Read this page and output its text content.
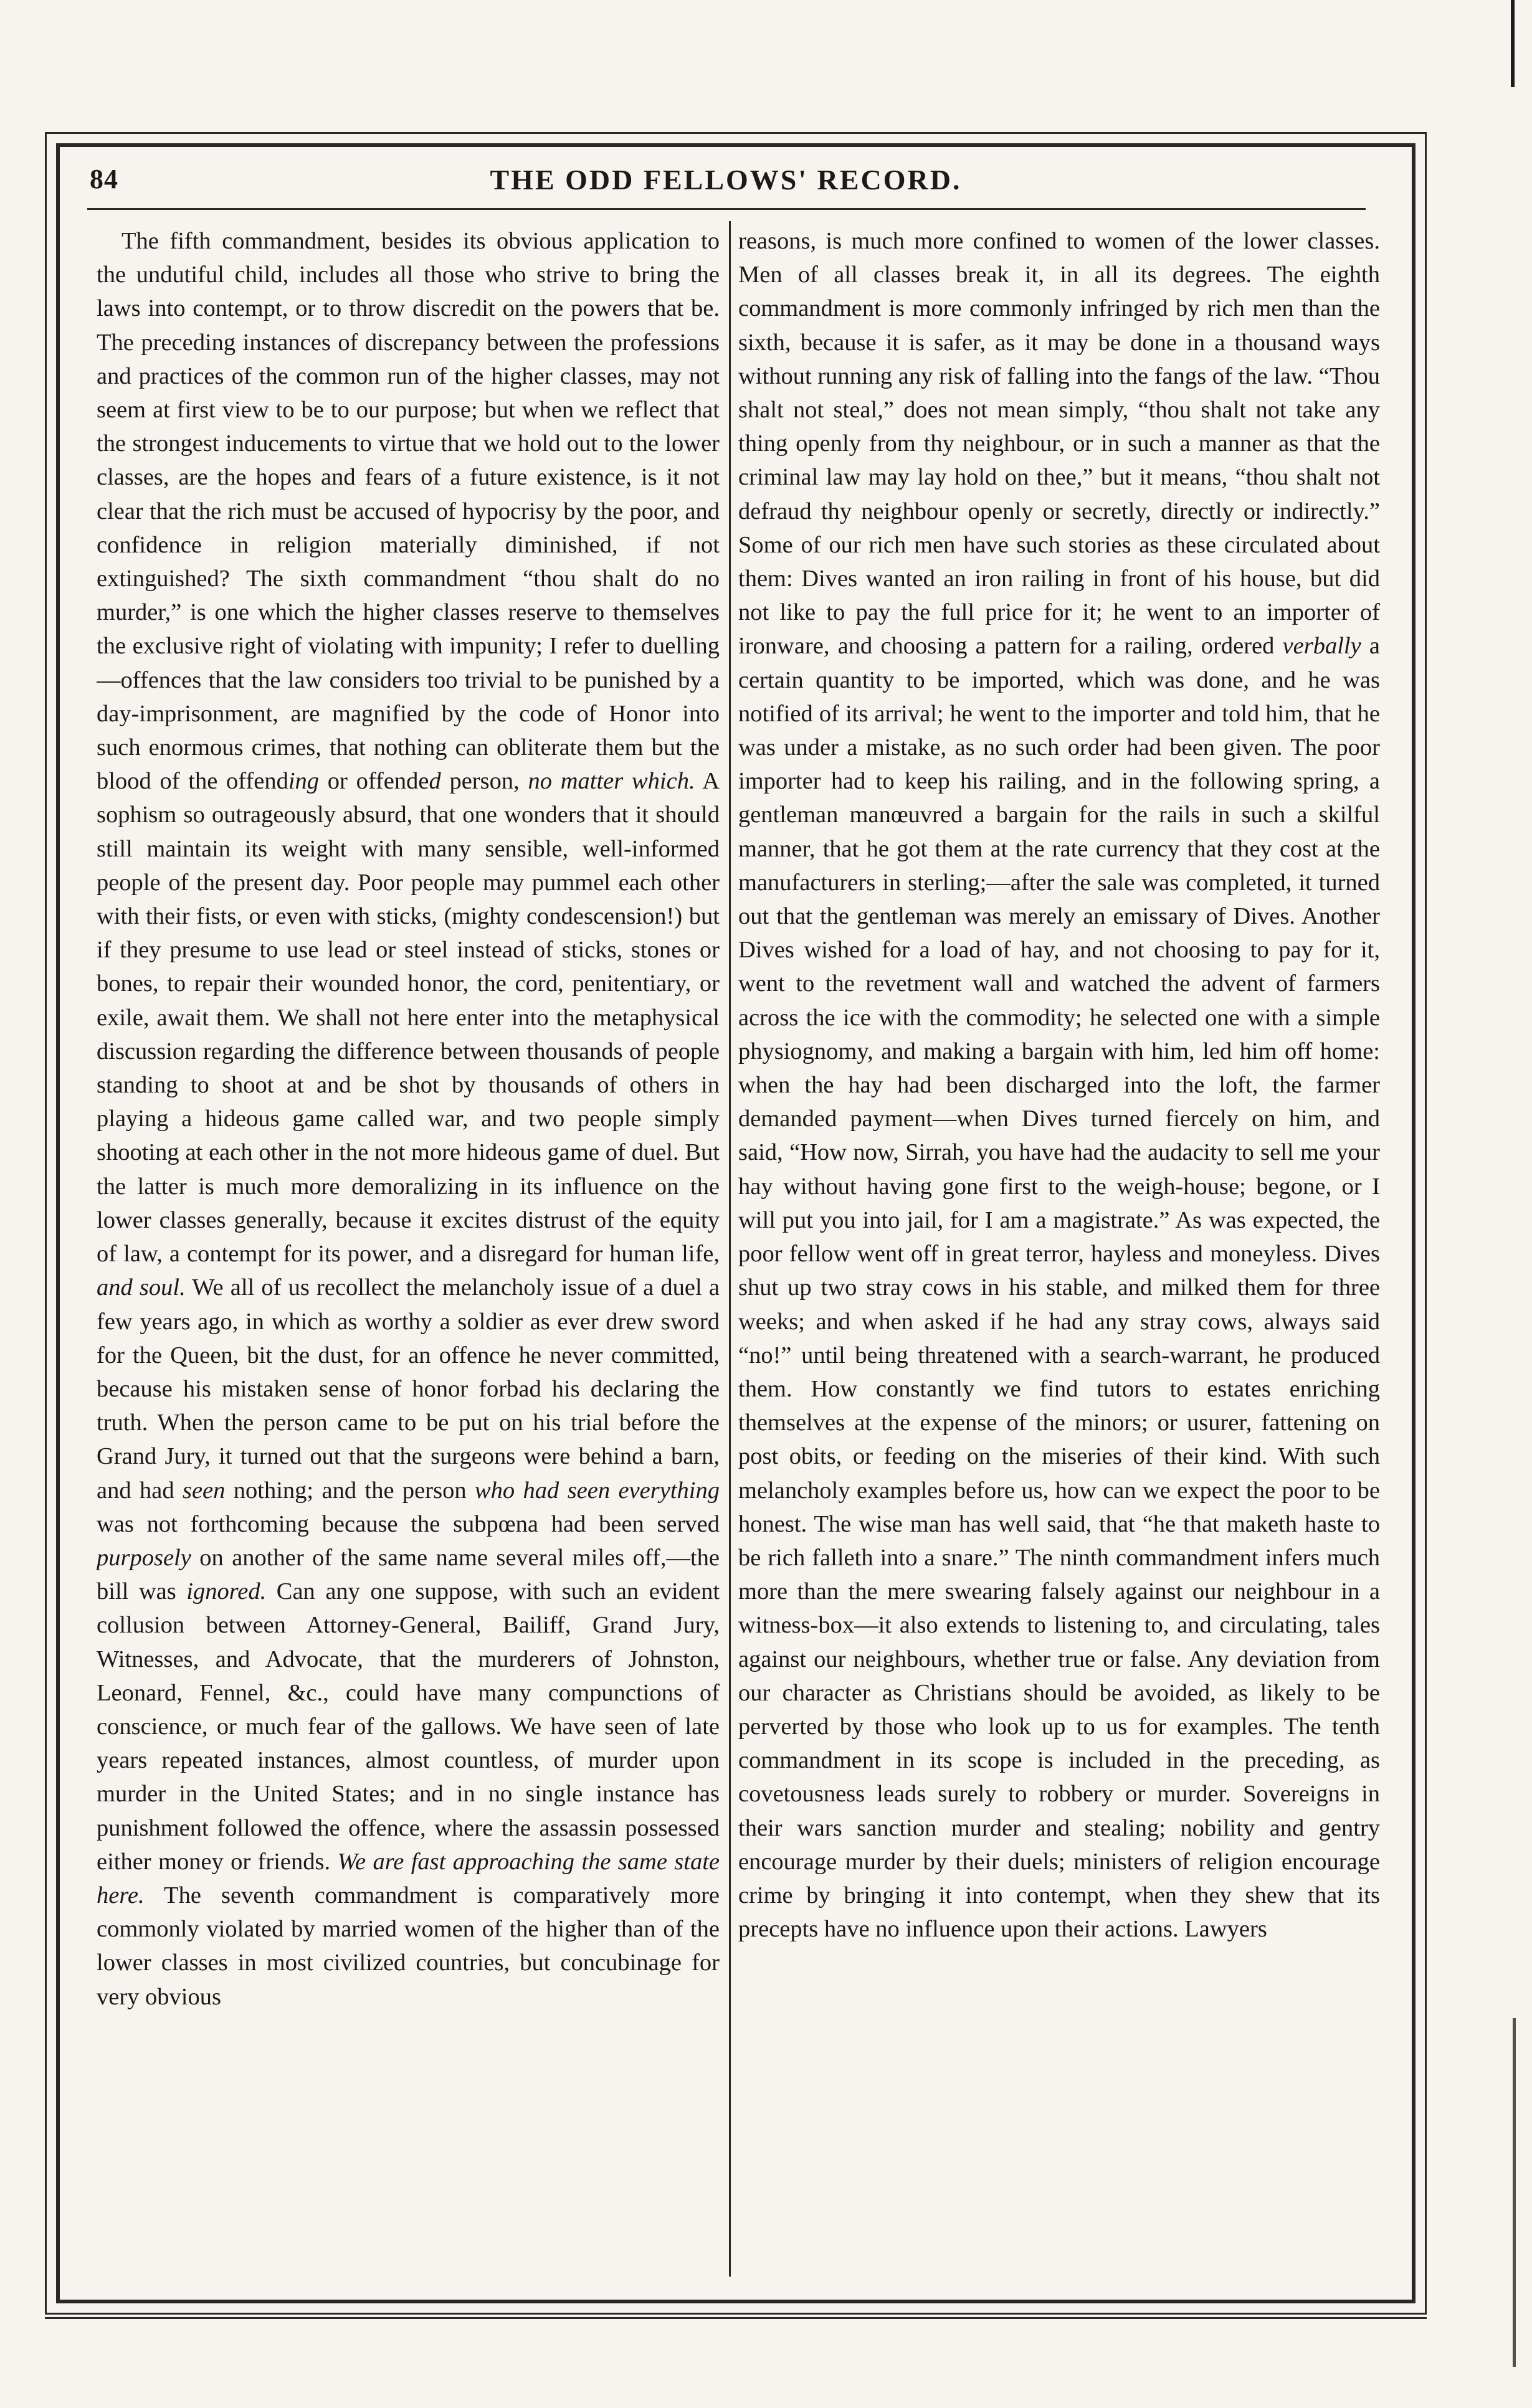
84	THE ODD FELLOWS' RECORD.

The fifth commandment, besides its obvious application to the undutiful child, includes all those who strive to bring the laws into contempt, or to throw discredit on the powers that be. The preceding instances of discrepancy between the professions and practices of the common run of the higher classes, may not seem at first view to be to our purpose; but when we reflect that the strongest inducements to virtue that we hold out to the lower classes, are the hopes and fears of a future existence, is it not clear that the rich must be accused of hypocrisy by the poor, and confidence in religion materially diminished, if not extinguished? The sixth commandment “thou shalt do no murder,” is one which the higher classes reserve to themselves the exclusive right of violating with impunity; I refer to duelling—offences that the law considers too trivial to be punished by a day-imprisonment, are magnified by the code of Honor into such enormous crimes, that nothing can obliterate them but the blood of the offending or offended person, no matter which. A sophism so outrageously absurd, that one wonders that it should still maintain its weight with many sensible, well-informed people of the present day. Poor people may pummel each other with their fists, or even with sticks, (mighty condescension!) but if they presume to use lead or steel instead of sticks, stones or bones, to repair their wounded honor, the cord, penitentiary, or exile, await them. We shall not here enter into the metaphysical discussion regarding the difference between thousands of people standing to shoot at and be shot by thousands of others in playing a hideous game called war, and two people simply shooting at each other in the not more hideous game of duel. But the latter is much more demoralizing in its influence on the lower classes generally, because it excites distrust of the equity of law, a contempt for its power, and a disregard for human life, and soul. We all of us recollect the melancholy issue of a duel a few years ago, in which as worthy a soldier as ever drew sword for the Queen, bit the dust, for an offence he never committed, because his mistaken sense of honor forbad his declaring the truth. When the person came to be put on his trial before the Grand Jury, it turned out that the surgeons were behind a barn, and had seen nothing; and the person who had seen everything was not forthcoming because the subpœna had been served purposely on another of the same name several miles off,—the bill was ignored. Can any one suppose, with such an evident collusion between Attorney-General, Bailiff, Grand Jury, Witnesses, and Advocate, that the murderers of Johnston, Leonard, Fennel, &c., could have many compunctions of conscience, or much fear of the gallows. We have seen of late years repeated instances, almost countless, of murder upon murder in the United States; and in no single instance has punishment followed the offence, where the assassin possessed either money or friends. We are fast approaching the same state here. The seventh commandment is comparatively more commonly violated by married women of the higher than of the lower classes in most civilized countries, but concubinage for very obvious

reasons, is much more confined to women of the lower classes. Men of all classes break it, in all its degrees. The eighth commandment is more commonly infringed by rich men than the sixth, because it is safer, as it may be done in a thousand ways without running any risk of falling into the fangs of the law. “Thou shalt not steal,” does not mean simply, “thou shalt not take any thing openly from thy neighbour, or in such a manner as that the criminal law may lay hold on thee,” but it means, “thou shalt not defraud thy neighbour openly or secretly, directly or indirectly.” Some of our rich men have such stories as these circulated about them: Dives wanted an iron railing in front of his house, but did not like to pay the full price for it; he went to an importer of ironware, and choosing a pattern for a railing, ordered verbally a certain quantity to be imported, which was done, and he was notified of its arrival; he went to the importer and told him, that he was under a mistake, as no such order had been given. The poor importer had to keep his railing, and in the following spring, a gentleman manœuvred a bargain for the rails in such a skilful manner, that he got them at the rate currency that they cost at the manufacturers in sterling;—after the sale was completed, it turned out that the gentleman was merely an emissary of Dives. Another Dives wished for a load of hay, and not choosing to pay for it, went to the revetment wall and watched the advent of farmers across the ice with the commodity; he selected one with a simple physiognomy, and making a bargain with him, led him off home: when the hay had been discharged into the loft, the farmer demanded payment—when Dives turned fiercely on him, and said, “How now, Sirrah, you have had the audacity to sell me your hay without having gone first to the weigh-house; begone, or I will put you into jail, for I am a magistrate.” As was expected, the poor fellow went off in great terror, hayless and moneyless. Dives shut up two stray cows in his stable, and milked them for three weeks; and when asked if he had any stray cows, always said “no!” until being threatened with a search-warrant, he produced them. How constantly we find tutors to estates enriching themselves at the expense of the minors; or usurer, fattening on post obits, or feeding on the miseries of their kind. With such melancholy examples before us, how can we expect the poor to be honest. The wise man has well said, that “he that maketh haste to be rich falleth into a snare.” The ninth commandment infers much more than the mere swearing falsely against our neighbour in a witness-box—it also extends to listening to, and circulating, tales against our neighbours, whether true or false. Any deviation from our character as Christians should be avoided, as likely to be perverted by those who look up to us for examples. The tenth commandment in its scope is included in the preceding, as covetousness leads surely to robbery or murder. Sovereigns in their wars sanction murder and stealing; nobility and gentry encourage murder by their duels; ministers of religion encourage crime by bringing it into contempt, when they shew that its precepts have no influence upon their actions. Lawyers
